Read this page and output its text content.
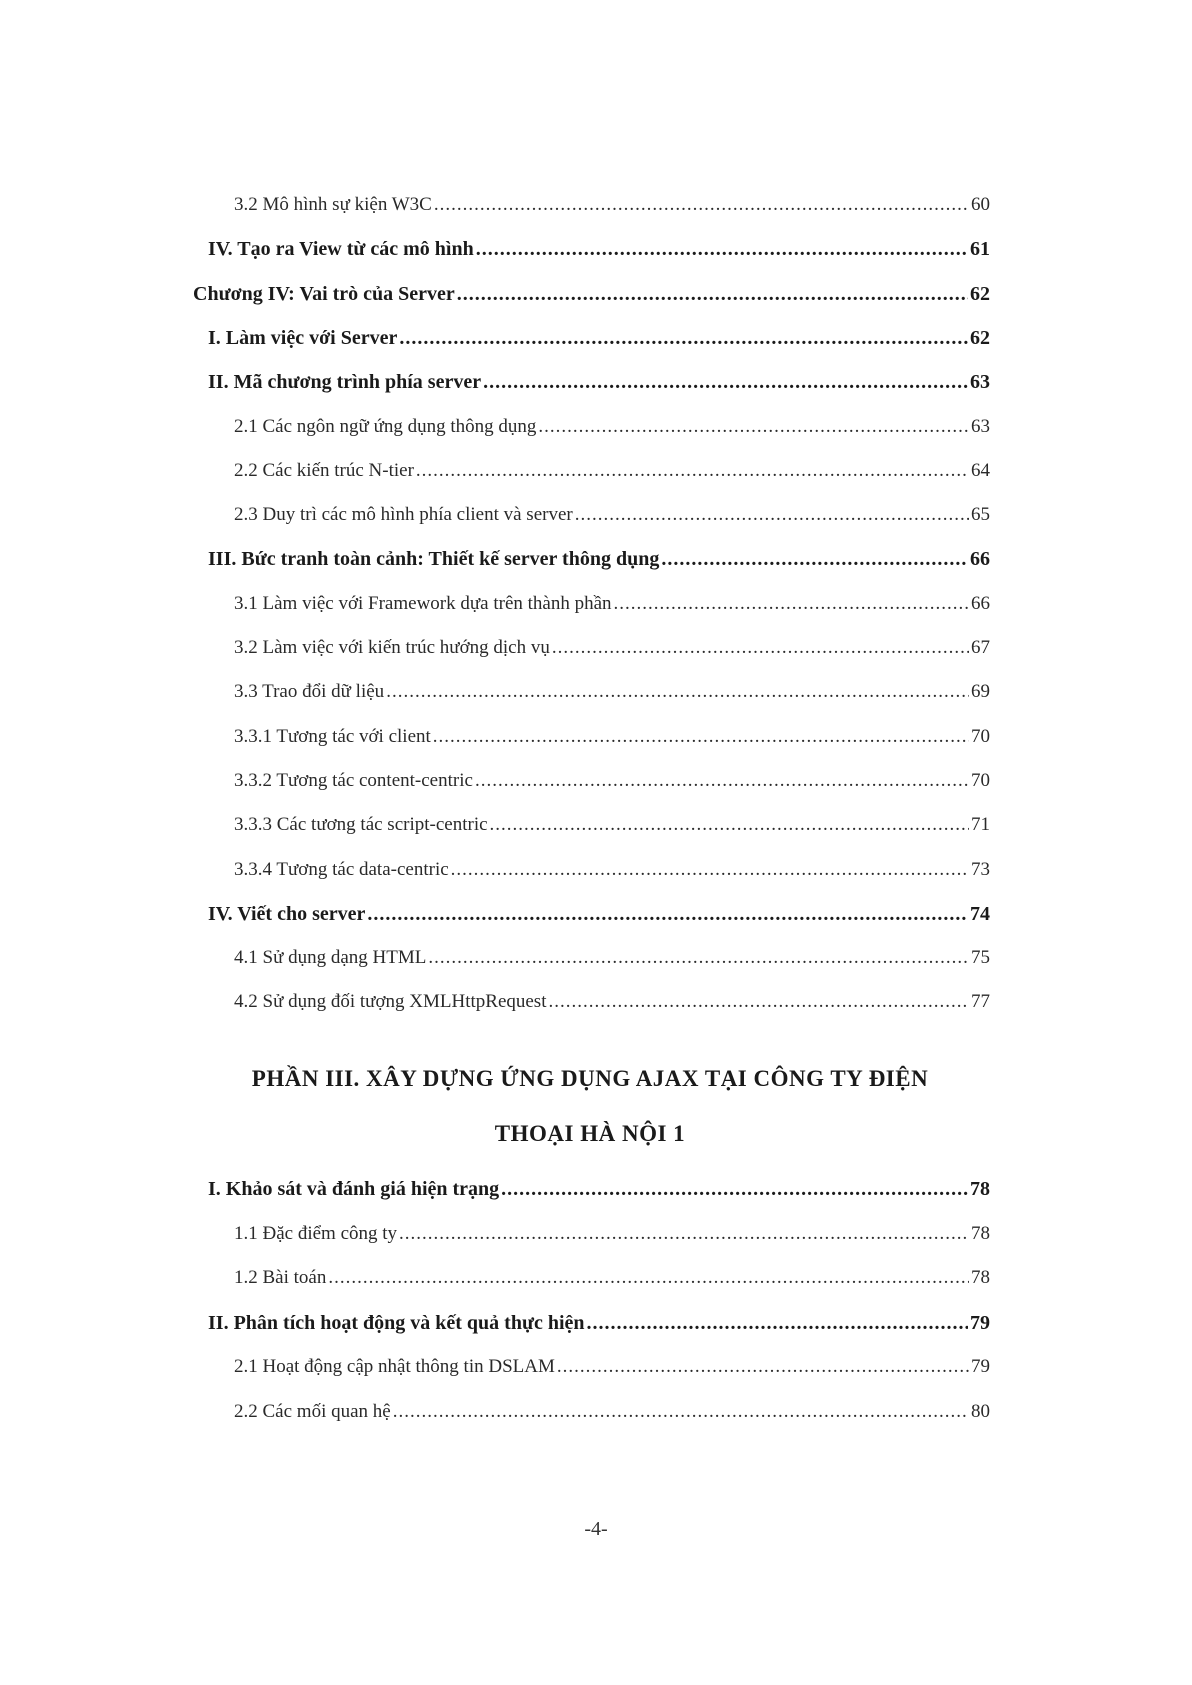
3.2 Mô hình sự kiện W3C .....	60
IV. Tạo ra View từ các mô hình .....	61
Chương IV: Vai trò của Server .....	62
I. Làm việc với Server .....	62
II. Mã chương trình phía server .....	63
2.1 Các ngôn ngữ ứng dụng thông dụng .....	63
2.2 Các kiến trúc N-tier .....	64
2.3 Duy trì các mô hình phía client và server .....	65
III. Bức tranh toàn cảnh: Thiết kế server thông dụng .....	66
3.1 Làm việc với Framework dựa trên thành phần .....	66
3.2 Làm việc với kiến trúc hướng dịch vụ .....	67
3.3 Trao đổi dữ liệu .....	69
3.3.1 Tương tác với client .....	70
3.3.2 Tương tác content-centric .....	70
3.3.3 Các tương tác script-centric .....	71
3.3.4 Tương tác data-centric .....	73
IV. Viết cho server .....	74
4.1 Sử dụng dạng HTML .....	75
4.2 Sử dụng đối tượng XMLHttpRequest .....	77
PHẦN III. XÂY DỰNG ỨNG DỤNG AJAX TẠI CÔNG TY ĐIỆN
THOẠI HÀ NỘI 1
I. Khảo sát và đánh giá hiện trạng .....	78
1.1 Đặc điểm công ty .....	78
1.2 Bài toán .....	78
II. Phân tích hoạt động và kết quả thực hiện .....	79
2.1 Hoạt động cập nhật thông tin DSLAM .....	79
2.2 Các mối quan hệ .....	80
-4-
